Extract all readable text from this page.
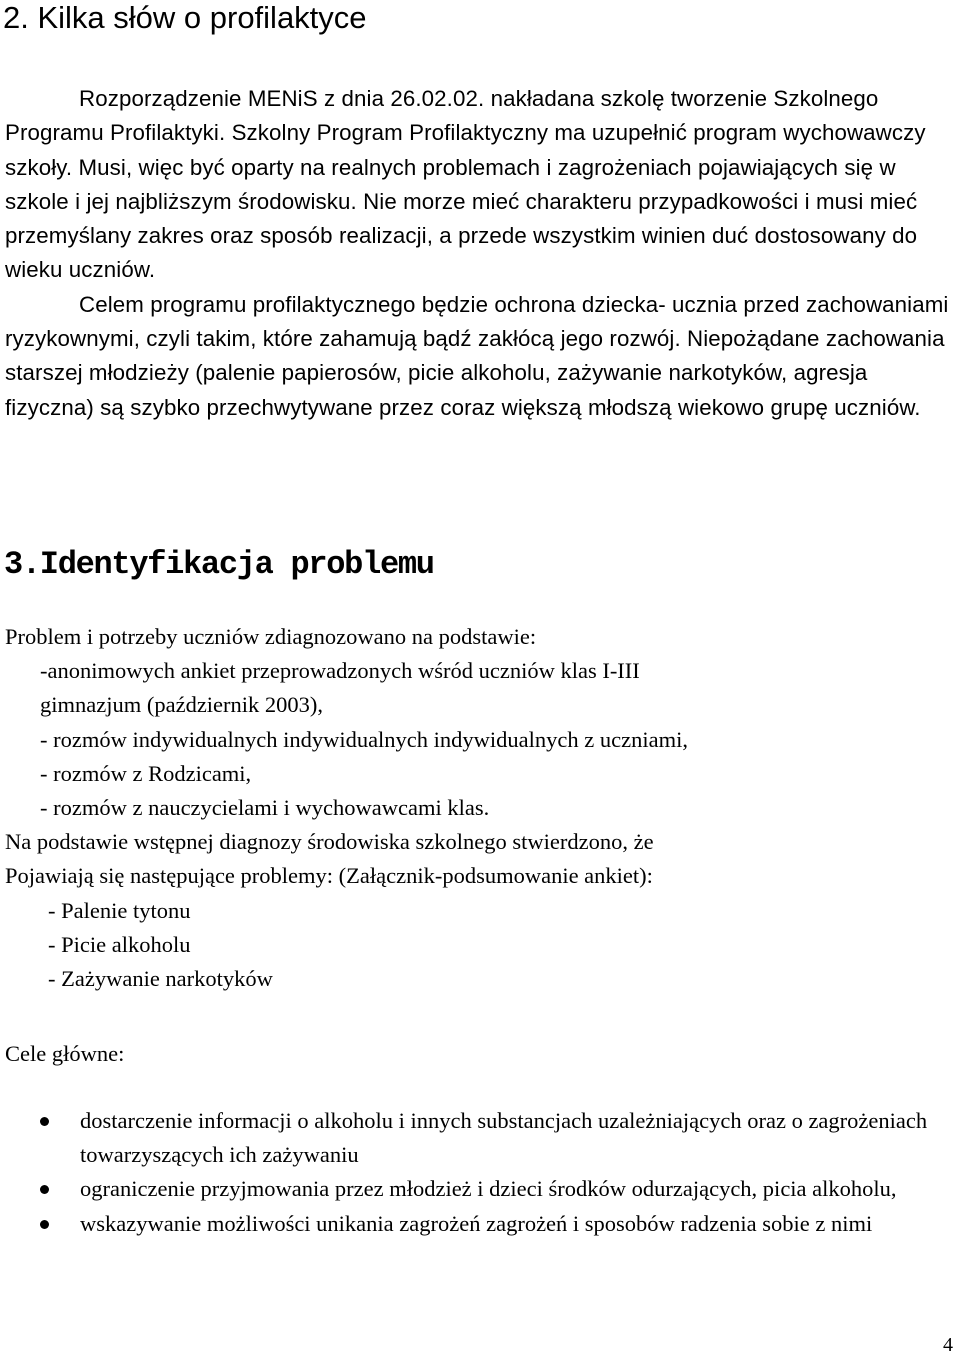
2. Kilka słów o profilaktyce

Rozporządzenie MENiS z dnia 26.02.02. nakładana szkolę tworzenie Szkolnego Programu Profilaktyki. Szkolny Program Profilaktyczny ma uzupełnić program wychowawczy szkoły. Musi, więc być oparty na realnych problemach i zagrożeniach pojawiających się w szkole i jej najbliższym środowisku. Nie morze mieć charakteru przypadkowości i musi mieć przemyślany zakres oraz sposób realizacji, a przede wszystkim winien duć dostosowany do wieku uczniów.

Celem programu profilaktycznego będzie ochrona dziecka- ucznia przed zachowaniami ryzykownymi, czyli takim, które zahamują bądź zakłócą jego rozwój. Niepożądane zachowania starszej młodzieży (palenie papierosów, picie alkoholu, zażywanie narkotyków, agresja fizyczna) są szybko przechwytywane przez coraz większą młodszą wiekowo grupę uczniów.

3.Identyfikacja problemu
Problem i potrzeby uczniów zdiagnozowano na podstawie:
-anonimowych ankiet przeprowadzonych wśród uczniów klas I-III
gimnazjum (październik 2003),
- rozmów indywidualnych indywidualnych indywidualnych z uczniami,
- rozmów z Rodzicami,
- rozmów z nauczycielami i wychowawcami klas.
Na podstawie wstępnej diagnozy środowiska szkolnego stwierdzono, że
Pojawiają się następujące problemy: (Załącznik-podsumowanie ankiet):
- Palenie tytonu
- Picie alkoholu
- Zażywanie narkotyków
Cele główne:
dostarczenie informacji o alkoholu i innych substancjach uzależniających oraz o zagrożeniach towarzyszących ich zażywaniu
ograniczenie przyjmowania przez młodzież i dzieci środków odurzających, picia alkoholu,
wskazywanie możliwości unikania zagrożeń zagrożeń i sposobów radzenia sobie z nimi
4
